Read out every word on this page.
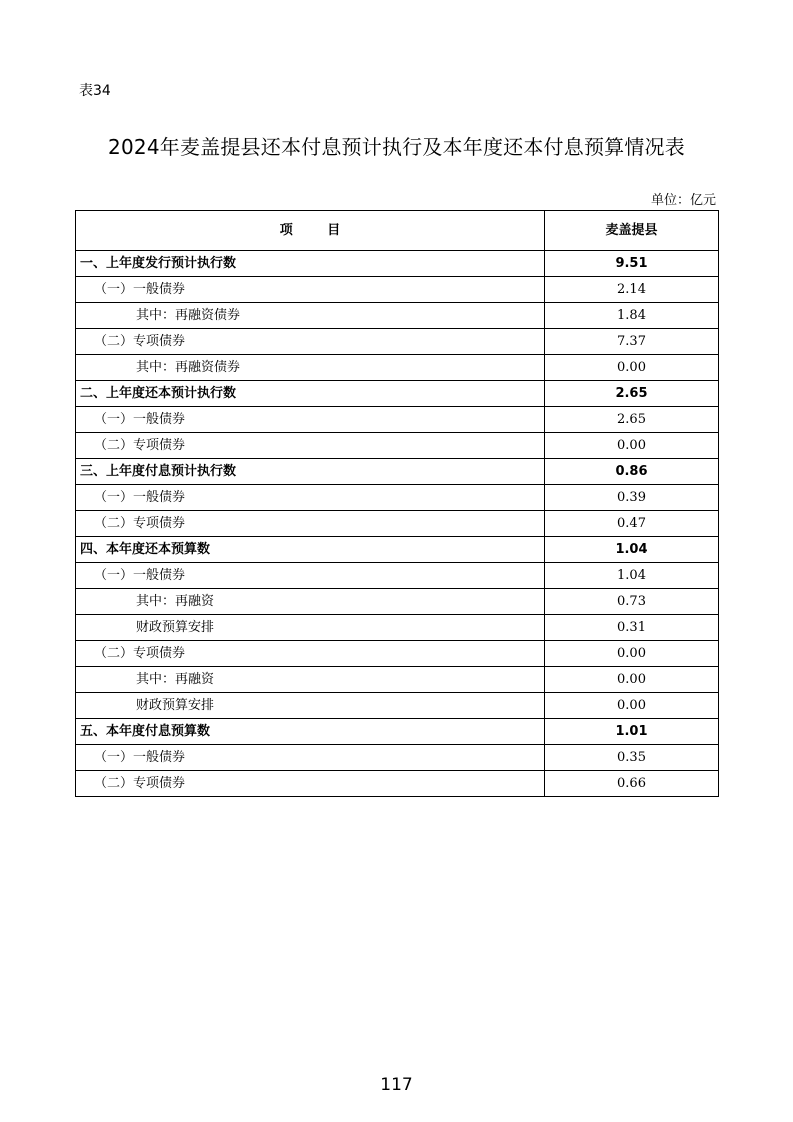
表34
2024年麦盖提县还本付息预计执行及本年度还本付息预算情况表
单位：亿元
项 目	麦盖提县
一、上年度发行预计执行数	9.51
（一）一般债券	2.14
其中：再融资债券	1.84
（二）专项债券	7.37
其中：再融资债券	0.00
二、上年度还本预计执行数	2.65
（一）一般债券	2.65
（二）专项债券	0.00
三、上年度付息预计执行数	0.86
（一）一般债券	0.39
（二）专项债券	0.47
四、本年度还本预算数	1.04
（一）一般债券	1.04
其中：再融资	0.73
财政预算安排	0.31
（二）专项债券	0.00
其中：再融资	0.00
财政预算安排	0.00
五、本年度付息预算数	1.01
（一）一般债券	0.35
（二）专项债券	0.66
117
